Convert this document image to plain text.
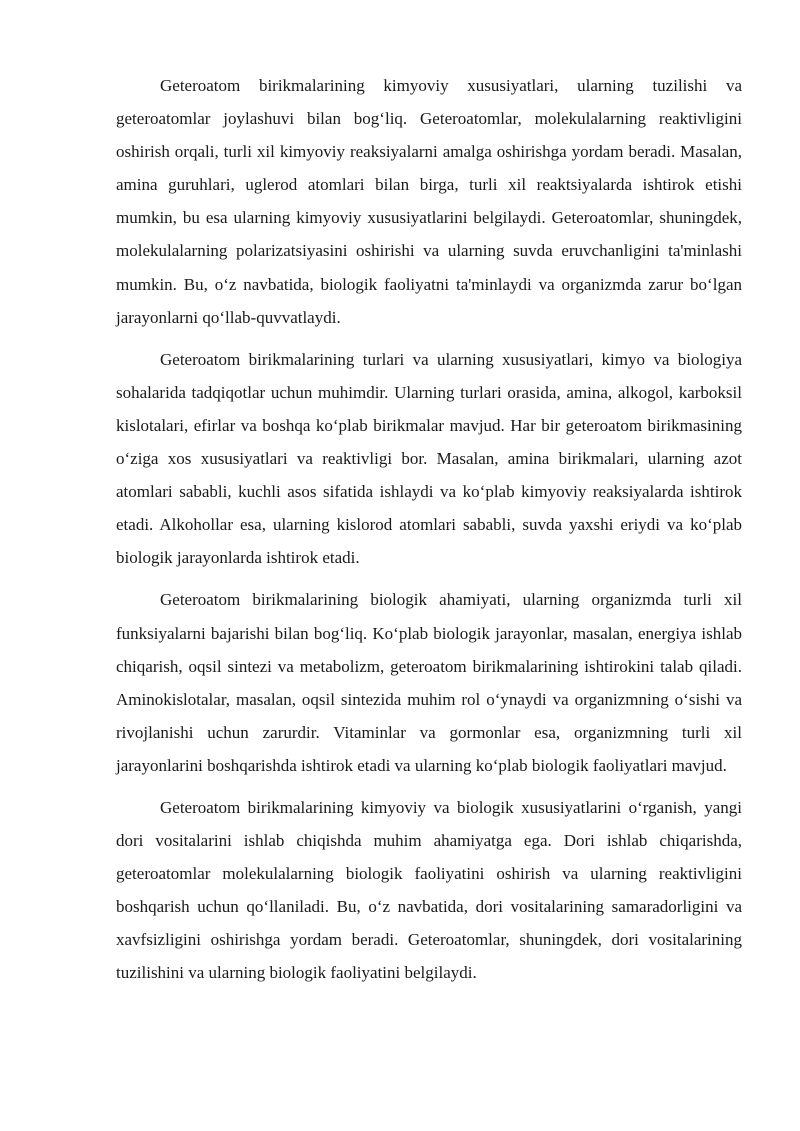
Geteroatom birikmalarining kimyoviy xususiyatlari, ularning tuzilishi va geteroatomlar joylashuvi bilan bog‘liq. Geteroatomlar, molekulalarning reaktivligini oshirish orqali, turli xil kimyoviy reaksiyalarni amalga oshirishga yordam beradi. Masalan, amina guruhlari, uglerod atomlari bilan birga, turli xil reaktsiyalarda ishtirok etishi mumkin, bu esa ularning kimyoviy xususiyatlarini belgilaydi. Geteroatomlar, shuningdek, molekulalarning polarizatsiyasini oshirishi va ularning suvda eruvchanligini ta'minlashi mumkin. Bu, o‘z navbatida, biologik faoliyatni ta'minlaydi va organizmda zarur bo‘lgan jarayonlarni qo‘llab-quvvatlaydi.

Geteroatom birikmalarining turlari va ularning xususiyatlari, kimyo va biologiya sohalarida tadqiqotlar uchun muhimdir. Ularning turlari orasida, amina, alkogol, karboksil kislotalari, efirlar va boshqa ko‘plab birikmalar mavjud. Har bir geteroatom birikmasining o‘ziga xos xususiyatlari va reaktivligi bor. Masalan, amina birikmalari, ularning azot atomlari sababli, kuchli asos sifatida ishlaydi va ko‘plab kimyoviy reaksiyalarda ishtirok etadi. Alkohollar esa, ularning kislorod atomlari sababli, suvda yaxshi eriydi va ko‘plab biologik jarayonlarda ishtirok etadi.

Geteroatom birikmalarining biologik ahamiyati, ularning organizmda turli xil funksiyalarni bajarishi bilan bog‘liq. Ko‘plab biologik jarayonlar, masalan, energiya ishlab chiqarish, oqsil sintezi va metabolizm, geteroatom birikmalarining ishtirokini talab qiladi. Aminokislotalar, masalan, oqsil sintezida muhim rol o‘ynaydi va organizmning o‘sishi va rivojlanishi uchun zarurdir. Vitaminlar va gormonlar esa, organizmning turli xil jarayonlarini boshqarishda ishtirok etadi va ularning ko‘plab biologik faoliyatlari mavjud.

Geteroatom birikmalarining kimyoviy va biologik xususiyatlarini o‘rganish, yangi dori vositalarini ishlab chiqishda muhim ahamiyatga ega. Dori ishlab chiqarishda, geteroatomlar molekulalarning biologik faoliyatini oshirish va ularning reaktivligini boshqarish uchun qo‘llaniladi. Bu, o‘z navbatida, dori vositalarining samaradorligini va xavfsizligini oshirishga yordam beradi. Geteroatomlar, shuningdek, dori vositalarining tuzilishini va ularning biologik faoliyatini belgilaydi.
